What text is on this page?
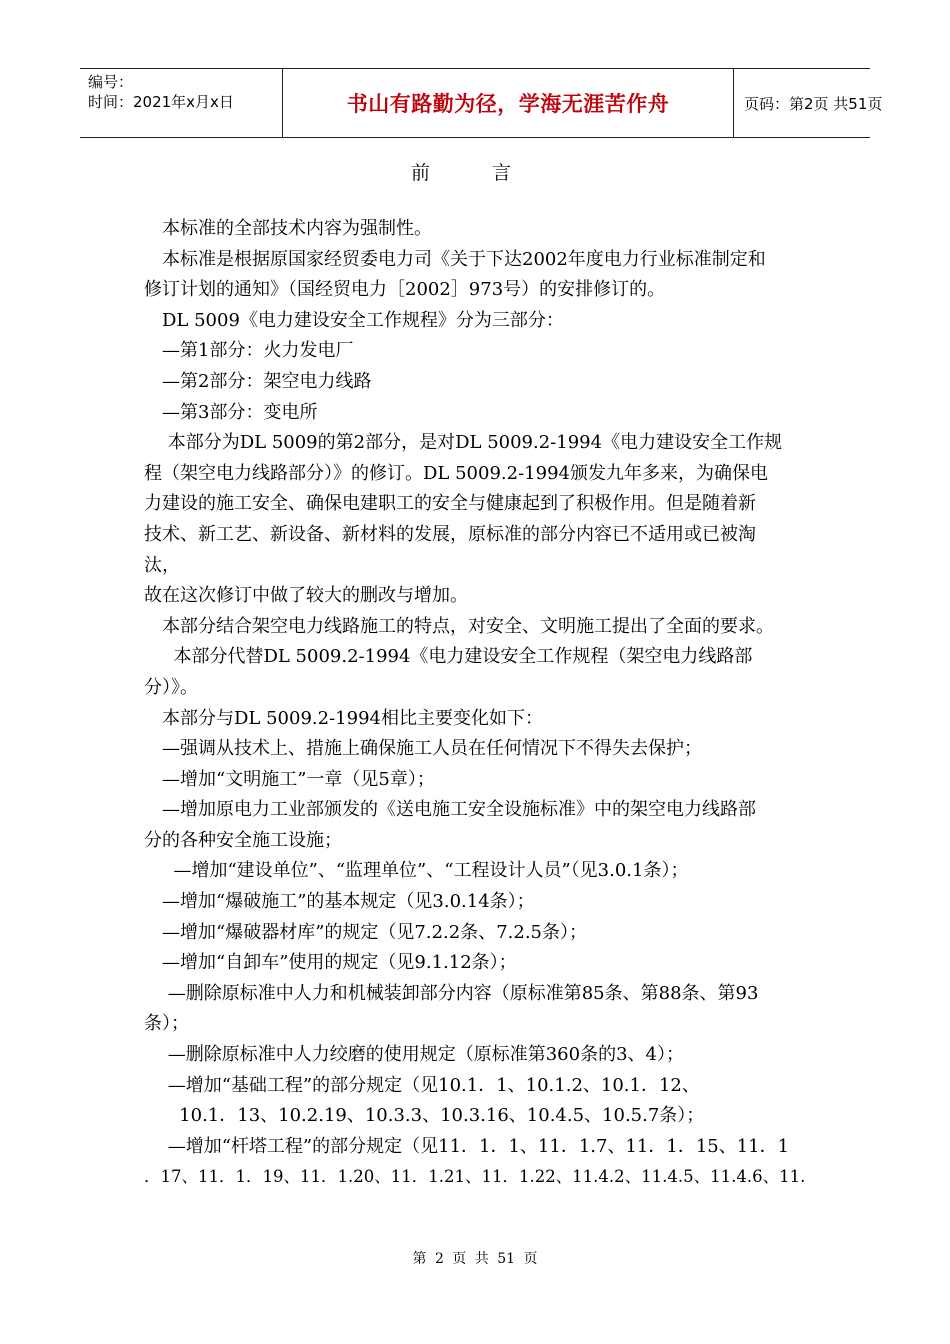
编号：
时间：2021年x月x日	书山有路勤为径，学海无涯苦作舟	页码：第2页 共51页
前 言

本标准的全部技术内容为强制性。

本标准是根据原国家经贸委电力司《关于下达2002年度电力行业标准制定和

修订计划的通知》（国经贸电力［2002］973号）的安排修订的。

DL 5009《电力建设安全工作规程》分为三部分：

—第1部分：火力发电厂

—第2部分：架空电力线路

—第3部分：变电所

本部分为DL 5009的第2部分，是对DL 5009.2-1994《电力建设安全工作规

程（架空电力线路部分）》的修订。DL 5009.2-1994颁发九年多来，为确保电

力建设的施工安全、确保电建职工的安全与健康起到了积极作用。但是随着新

技术、新工艺、新设备、新材料的发展，原标准的部分内容已不适用或已被淘

汰，

故在这次修订中做了较大的删改与增加。

本部分结合架空电力线路施工的特点，对安全、文明施工提出了全面的要求。

本部分代替DL 5009.2-1994《电力建设安全工作规程（架空电力线路部

分）》。

本部分与DL 5009.2-1994相比主要变化如下：

—强调从技术上、措施上确保施工人员在任何情况下不得失去保护；

—增加“文明施工”一章（见5章）；

—增加原电力工业部颁发的《送电施工安全设施标准》中的架空电力线路部

分的各种安全施工设施；

—增加“建设单位”、“监理单位”、“工程设计人员”（见3.0.1条）；

—增加“爆破施工”的基本规定（见3.0.14条）；

—增加“爆破器材库”的规定（见7.2.2条、7.2.5条）；

—增加“自卸车”使用的规定（见9.1.12条）；

—删除原标准中人力和机械装卸部分内容（原标准第85条、第88条、第93

条）；

—删除原标准中人力绞磨的使用规定（原标准第360条的3、4）；

—增加“基础工程”的部分规定（见10.1．1、10.1.2、10.1．12、

10.1．13、10.2.19、10.3.3、10.3.16、10.4.5、10.5.7条）；

—增加“杆塔工程”的部分规定（见11．1．1、11．1.7、11．1．15、11．1

．17、11．1．19、11．1.20、11．1.21、11．1.22、11.4.2、11.4.5、11.4.6、11.

第 2 页 共 51 页
